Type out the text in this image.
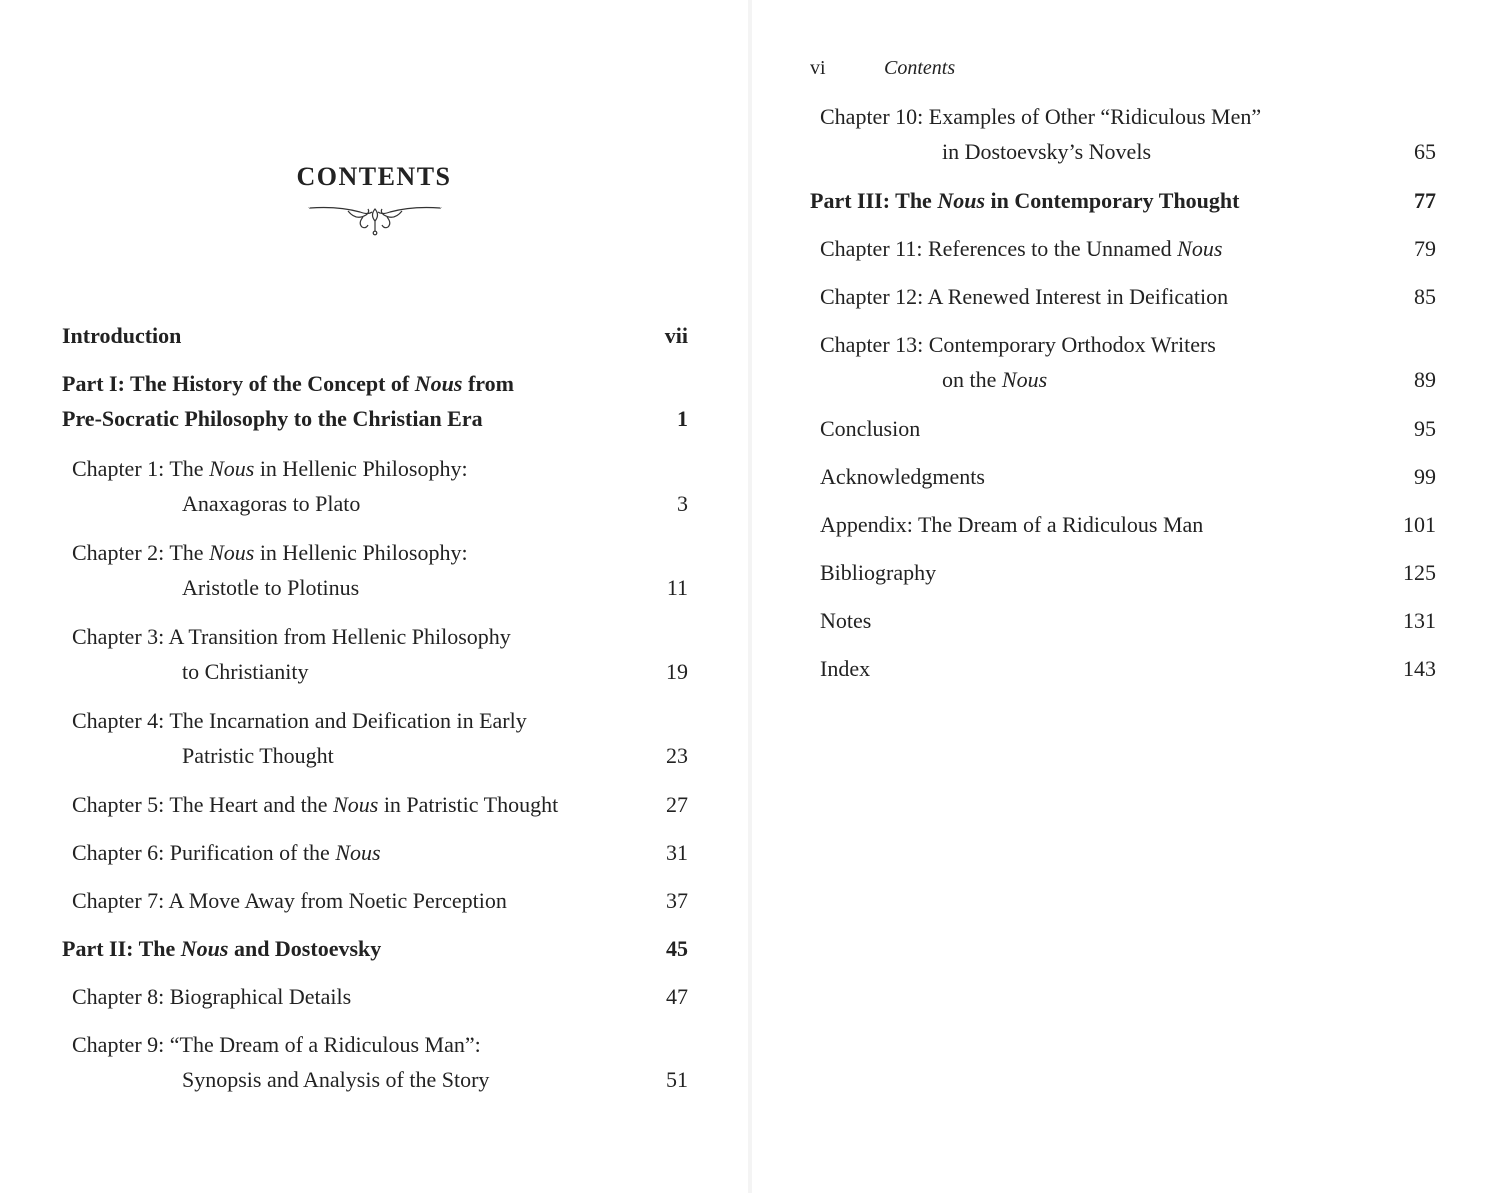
CONTENTS
Introduction	vii
Part I: The History of the Concept of Nous from
Pre-Socratic Philosophy to the Christian Era	1
Chapter 1: The Nous in Hellenic Philosophy:
Anaxagoras to Plato	3
Chapter 2: The Nous in Hellenic Philosophy:
Aristotle to Plotinus	11
Chapter 3: A Transition from Hellenic Philosophy
to Christianity	19
Chapter 4: The Incarnation and Deification in Early
Patristic Thought	23
Chapter 5: The Heart and the Nous in Patristic Thought	27
Chapter 6: Purification of the Nous	31
Chapter 7: A Move Away from Noetic Perception	37
Part II: The Nous and Dostoevsky	45
Chapter 8: Biographical Details	47
Chapter 9: “The Dream of a Ridiculous Man”:
Synopsis and Analysis of the Story	51
vi	Contents
Chapter 10: Examples of Other “Ridiculous Men”
in Dostoevsky’s Novels	65
Part III: The Nous in Contemporary Thought	77
Chapter 11: References to the Unnamed Nous	79
Chapter 12: A Renewed Interest in Deification	85
Chapter 13: Contemporary Orthodox Writers
on the Nous	89
Conclusion	95
Acknowledgments	99
Appendix: The Dream of a Ridiculous Man	101
Bibliography	125
Notes	131
Index	143
